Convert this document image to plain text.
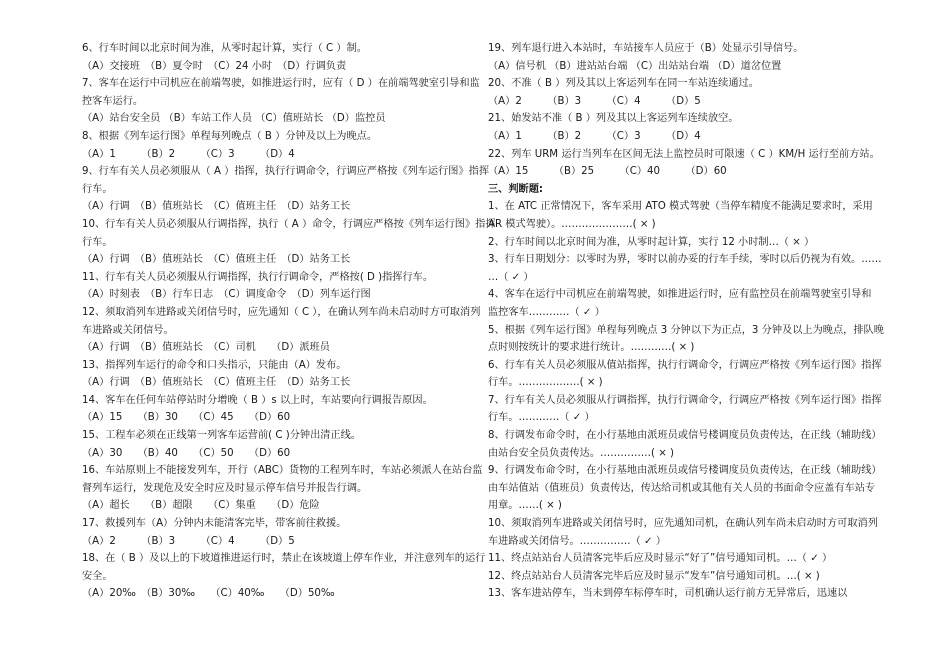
6、行车时间以北京时间为准，从零时起计算，实行（ C ）制。
（A）交接班　（B）夏令时　（C）24 小时　（D）行调负责
7、客车在运行中司机应在前端驾驶，如推进运行时，应有（ D ）在前端驾驶室引导和监
控客车运行。
（A）站台安全员 （B）车站工作人员 （C）值班站长 （D）监控员
8、根据《列车运行图》单程每列晚点（ B ）分钟及以上为晚点。
（A）1　　　（B）2　　　（C）3　　　（D）4
9、行车有关人员必须服从（ A ）指挥，执行行调命令，行调应严格按《列车运行图》指挥
行车。
（A）行调　（B）值班站长　（C）值班主任　（D）站务工长
10、行车有关人员必须服从行调指挥，执行（ A ）命令，行调应严格按《列车运行图》指挥
行车。
（A）行调　（B）值班站长　（C）值班主任　（D）站务工长
11、行车有关人员必须服从行调指挥，执行行调命令，严格按( D )指挥行车。
（A）时刻表　（B）行车日志　（C）调度命令　（D）列车运行图
12、须取消列车进路或关闭信号时，应先通知（ C ），在确认列车尚未启动时方可取消列
车进路或关闭信号。
（A）行调　（B）值班站长　（C）司机　　（D）派班员
13、指挥列车运行的命令和口头指示，只能由（A）发布。
（A）行调　（B）值班站长　（C）值班主任　（D）站务工长
14、客车在任何车站停站时分增晚（ B ）s 以上时，车站要向行调报告原因。
（A）15　　（B）30　　（C）45　　（D）60
15、工程车必须在正线第一列客车运营前( C )分钟出清正线。
（A）30　　（B）40　　（C）50　　（D）60
16、车站原则上不能接发列车，开行（ABC）货物的工程列车时，车站必须派人在站台监
督列车运行，发现危及安全时应及时显示停车信号并报告行调。
（A）超长　　（B）超限　　（C）集重　　（D）危险
17、救援列车（A）分钟内未能清客完毕，带客前往救援。
（A）2　　　（B）3　　　（C）4　　　（D）5
18、在（ B ）及以上的下坡道推进运行时，禁止在该坡道上停车作业，并注意列车的运行
安全。
（A）20‰　（B）30‰　　（C）40‰　　（D）50‰
19、列车退行进入本站时，车站接车人员应于（B）处显示引导信号。
（A）信号机 （B）进站站台端 （C）出站站台端 （D）道岔位置
20、不准（ B ）列及其以上客运列车在同一车站连续通过。
（A）2　　　（B）3　　　（C）4　　　（D）5
21、始发站不准（ B ）列及其以上客运列车连续放空。
（A）1　　　（B）2　　　（C）3　　　（D）4
22、列车 URM 运行当列车在区间无法上监控员时可限速（ C ）KM/H 运行至前方站。
（A）15　　　（B）25　　　（C）40　　　（D）60
三、判断题:
1、在 ATC 正常情况下，客车采用 ATO 模式驾驶（当停车精度不能满足要求时，采用
AR 模式驾驶）。…………………( × )
2、行车时间以北京时间为准，从零时起计算，实行 12 小时制…（ × ）
3、行车日期划分：以零时为界，零时以前办妥的行车手续，零时以后仍视为有效。……
…（ ✓ ）
4、客车在运行中司机应在前端驾驶，如推进运行时，应有监控员在前端驾驶室引导和
监控客车…………（ ✓ ）
5、根据《列车运行图》单程每列晚点 3 分钟以下为正点，3 分钟及以上为晚点，排队晚
点时则按统计的要求进行统计。…………( × )
6、行车有关人员必须服从值站指挥，执行行调命令，行调应严格按《列车运行图》指挥
行车。………………( × )
7、行车有关人员必须服从行调指挥，执行行调命令，行调应严格按《列车运行图》指挥
行车。…………（ ✓ ）
8、行调发布命令时，在小行基地由派班员或信号楼调度员负责传达，在正线（辅助线）
由站台安全员负责传达。……………( × )
9、行调发布命令时，在小行基地由派班员或信号楼调度员负责传达，在正线（辅助线）
由车站值站（值班员）负责传达，传达给司机或其他有关人员的书面命令应盖有车站专
用章。……( × )
10、须取消列车进路或关闭信号时，应先通知司机，在确认列车尚未启动时方可取消列
车进路或关闭信号。……………（ ✓ ）
11、终点站站台人员清客完毕后应及时显示“好了”信号通知司机。…（ ✓ ）
12、终点站站台人员清客完毕后应及时显示“发车”信号通知司机。…( × )
13、客车进站停车，当未到停车标停车时，司机确认运行前方无异常后，迅速以
